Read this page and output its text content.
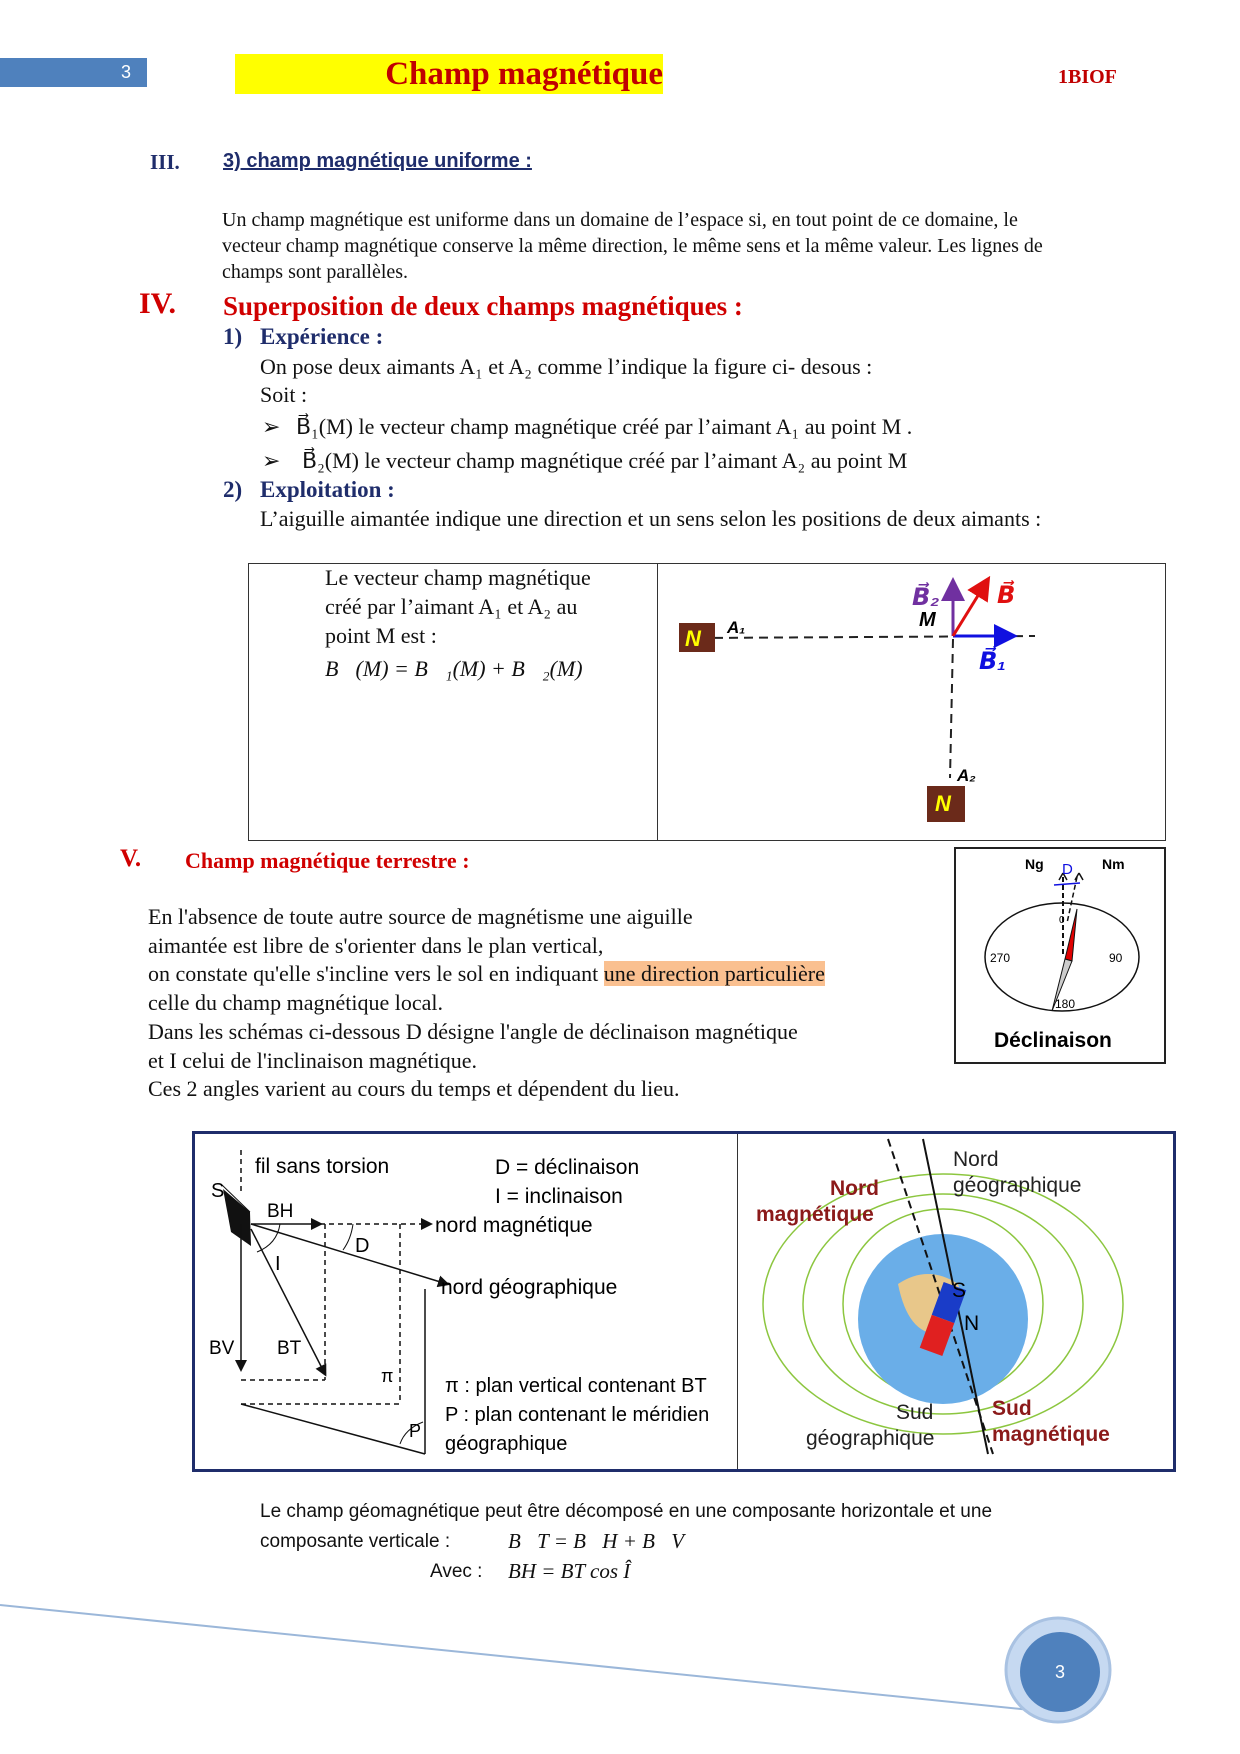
3	Champ magnétique	1BIOF
III. 3) champ magnétique uniforme :
Un champ magnétique est uniforme dans un domaine de l’espace si, en tout point de ce domaine, le
vecteur champ magnétique conserve la même direction, le même sens et la même valeur. Les lignes de
champs sont parallèles.
IV. Superposition de deux champs magnétiques :
1) Expérience :
On pose deux aimants A₁ et A₂ comme l’indique la figure ci- desous :
Soit :
➢ B⃗₁(M) le vecteur champ magnétique créé par l’aimant A₁ au point M .
➢ B⃗₂(M) le vecteur champ magnétique créé par l’aimant A₂ au point M
2) Exploitation :
L’aiguille aimantée indique une direction et un sens selon les positions de deux aimants :
Le vecteur champ magnétique
créé par l’aimant A₁ et A₂ au
point M est :
B⃗(M) = B⃗₁(M) + B⃗₂(M)
N A₁
N
A₂
M
B⃗₁
B⃗₂ B⃗
V. Champ magnétique terrestre :
En l'absence de toute autre source de magnétisme une aiguille
aimantée est libre de s'orienter dans le plan vertical,
on constate qu'elle s'incline vers le sol en indiquant une direction particulière
celle du champ magnétique local.
Dans les schémas ci-dessous D désigne l'angle de déclinaison magnétique
et I celui de l'inclinaison magnétique.
Ces 2 angles varient au cours du temps et dépendent du lieu.
Ng D Nm
0
270	90
180
Déclinaison
fil sans torsion
S
D = déclinaison
I = inclinaison
BH
BV BT
D
I
π
P
nord magnétique
nord géographique
π : plan vertical contenant BT
P : plan contenant le méridien
géographique
S
N
Nord
magnétique
Sud
magnétique
Nord
géographique
Sud
géographique
Le champ géomagnétique peut être décomposé en une composante horizontale et une
composante verticale :	B⃗T = B⃗H + B⃗V
Avec : BH = BT cos Î
3
